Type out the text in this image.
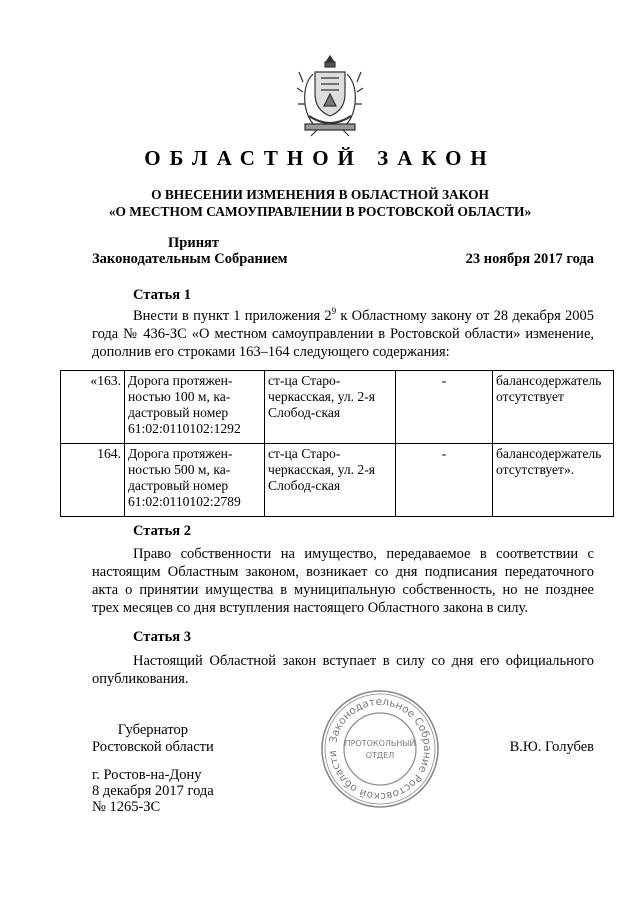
ОБЛАСТНОЙ ЗАКОН
О ВНЕСЕНИИ ИЗМЕНЕНИЯ В ОБЛАСТНОЙ ЗАКОН
«О МЕСТНОМ САМОУПРАВЛЕНИИ В РОСТОВСКОЙ ОБЛАСТИ»
Принят
Законодательным Собранием	23 ноября 2017 года
Статья 1
Внести в пункт 1 приложения $2^9$ к Областному закону от 28 декабря 2005 года № 436-ЗС «О местном самоуправлении в Ростовской области» изменение, дополнив его строками 163–164 следующего содержания:
«163.	Дорога протяжен-ностью 100 м, ка-дастровый номер 61:02:0110102:1292	ст-ца Старо-черкасская, ул. 2-я Слобод-ская	-	балансодержатель отсутствует
164.	Дорога протяжен-ностью 500 м, ка-дастровый номер 61:02:0110102:2789	ст-ца Старо-черкасская, ул. 2-я Слобод-ская	-	балансодержатель отсутствует».
Статья 2
Право собственности на имущество, передаваемое в соответствии с настоящим Областным законом, возникает со дня подписания передаточного акта о принятии имущества в муниципальную собственность, но не позднее трех месяцев со дня вступления настоящего Областного закона в силу.
Статья 3
Настоящий Областной закон вступает в силу со дня его официального опубликования.
Губернатор
Ростовской области	Законодательное Собрание Ростовской области
ПРОТОКОЛЬНЫЙ
ОТДЕЛ
В.Ю. Голубев
г. Ростов-на-Дону
8 декабря 2017 года
№ 1265-ЗС
